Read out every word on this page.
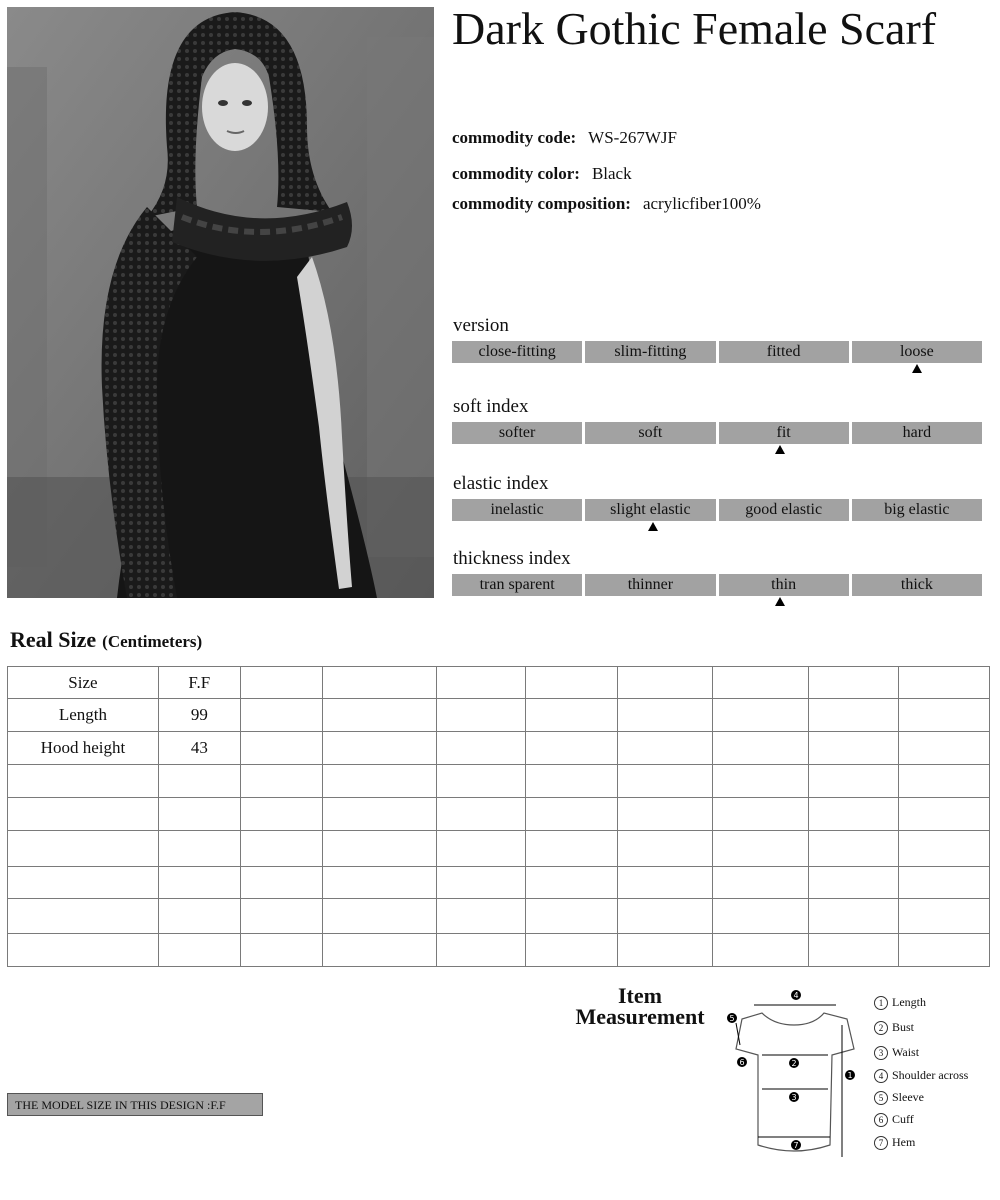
Dark Gothic Female Scarf
commodity code: WS-267WJF
commodity color: Black
commodity composition: acrylicfiber100%
version
close-fitting	slim-fitting	fitted	loose
soft index
softer	soft	fit	hard
elastic index
inelastic	slight elastic	good elastic	big elastic
thickness index
tran sparent	thinner	thin	thick
Real Size (Centimeters)
Size	F.F								
Length	99								
Hood height	43								

THE MODEL SIZE IN THIS DESIGN :F.F
Item
Measurement
4
5
6	2
3
7
1
1 Length
2 Bust
3 Waist
4 Shoulder across
5 Sleeve
6 Cuff
7 Hem
